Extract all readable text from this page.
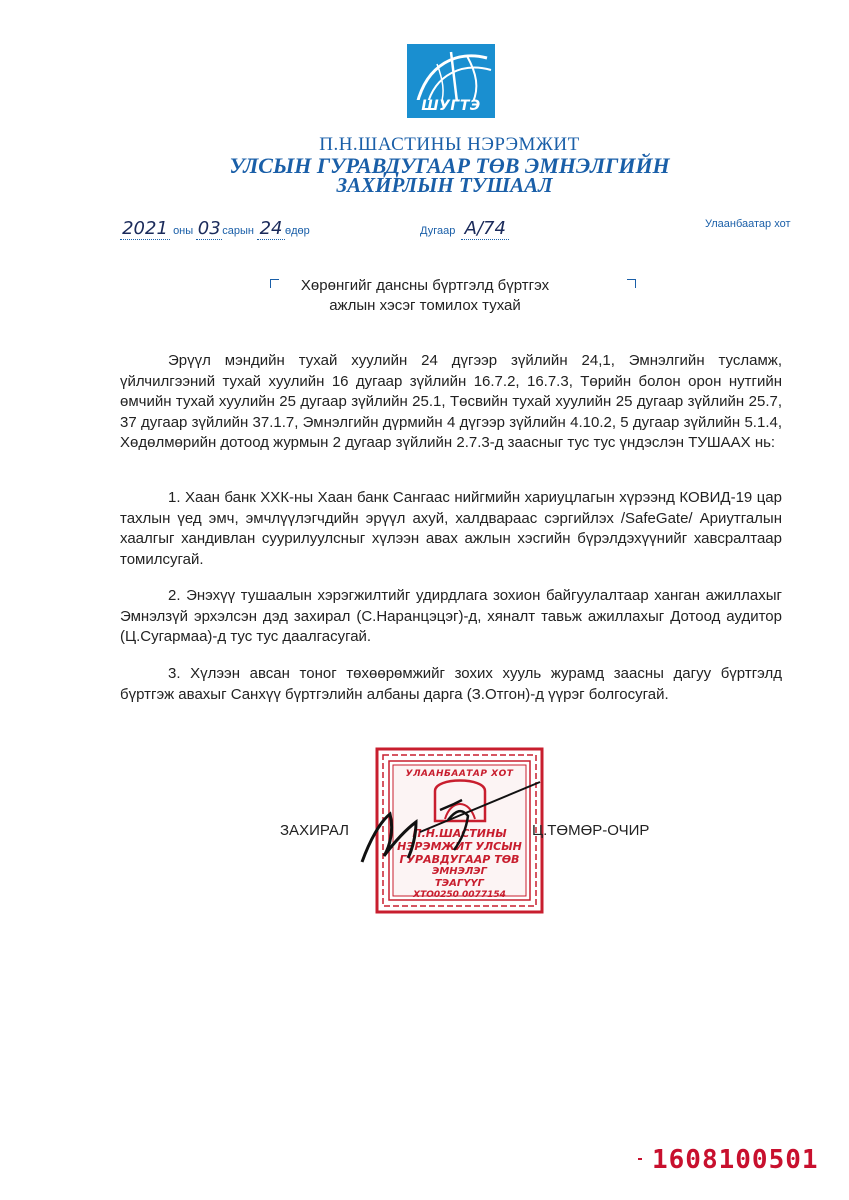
ШУГТЭ
П.Н.ШАСТИНЫ НЭРЭМЖИТ
УЛСЫН ГУРАВДУГААР ТӨВ ЭМНЭЛГИЙН
ЗАХИРЛЫН ТУШААЛ
2021 оны 03 сарын 24 өдөр	Дугаар А/74	Улаанбаатар хот
Хөрөнгийг дансны бүртгэлд бүртгэх
ажлын хэсэг томилох тухай

Эрүүл мэндийн тухай хуулийн 24 дүгээр зүйлийн 24,1, Эмнэлгийн тусламж, үйлчилгээний тухай хуулийн 16 дугаар зүйлийн 16.7.2, 16.7.3, Төрийн болон орон нутгийн өмчийн тухай хуулийн 25 дугаар зүйлийн 25.1, Төсвийн тухай хуулийн 25 дугаар зүйлийн 25.7, 37 дугаар зүйлийн 37.1.7, Эмнэлгийн дүрмийн 4 дүгээр зүйлийн 4.10.2, 5 дугаар зүйлийн 5.1.4, Хөдөлмөрийн дотоод журмын 2 дугаар зүйлийн 2.7.3-д заасныг тус тус үндэслэн ТУШААХ нь:

1. Хаан банк ХХК-ны Хаан банк Сангаас нийгмийн хариуцлагын хүрээнд КОВИД-19 цар тахлын үед эмч, эмчлүүлэгчдийн эрүүл ахуй, халдвараас сэргийлэх /SafeGate/ Ариутгалын хаалгыг хандивлан суурилуулсныг хүлээн авах ажлын хэсгийн бүрэлдэхүүнийг хавсралтаар томилсугай.

2. Энэхүү тушаалын хэрэгжилтийг удирдлага зохион байгуулалтаар ханган ажиллахыг Эмнэлзүй эрхэлсэн дэд захирал (С.Наранцэцэг)-д, хяналт тавьж ажиллахыг Дотоод аудитор (Ц.Сугармаа)-д тус тус даалгасугай.

3. Хүлээн авсан тоног төхөөрөмжийг зохих хууль журамд заасны дагуу бүртгэлд бүртгэж авахыг Санхүү бүртгэлийн албаны дарга (З.Отгон)-д үүрэг болгосугай.

УЛААНБААТАР ХОТ
П.Н.ШАСТИНЫ
НЭРЭМЖИТ УЛСЫН
ГУРАВДУГААР ТӨВ
ЭМНЭЛЭГ
ТЭАГҮҮГ
ХТО0250 0077154
ЗАХИРАЛ	Ц.ТӨМӨР-ОЧИР
1608100501
